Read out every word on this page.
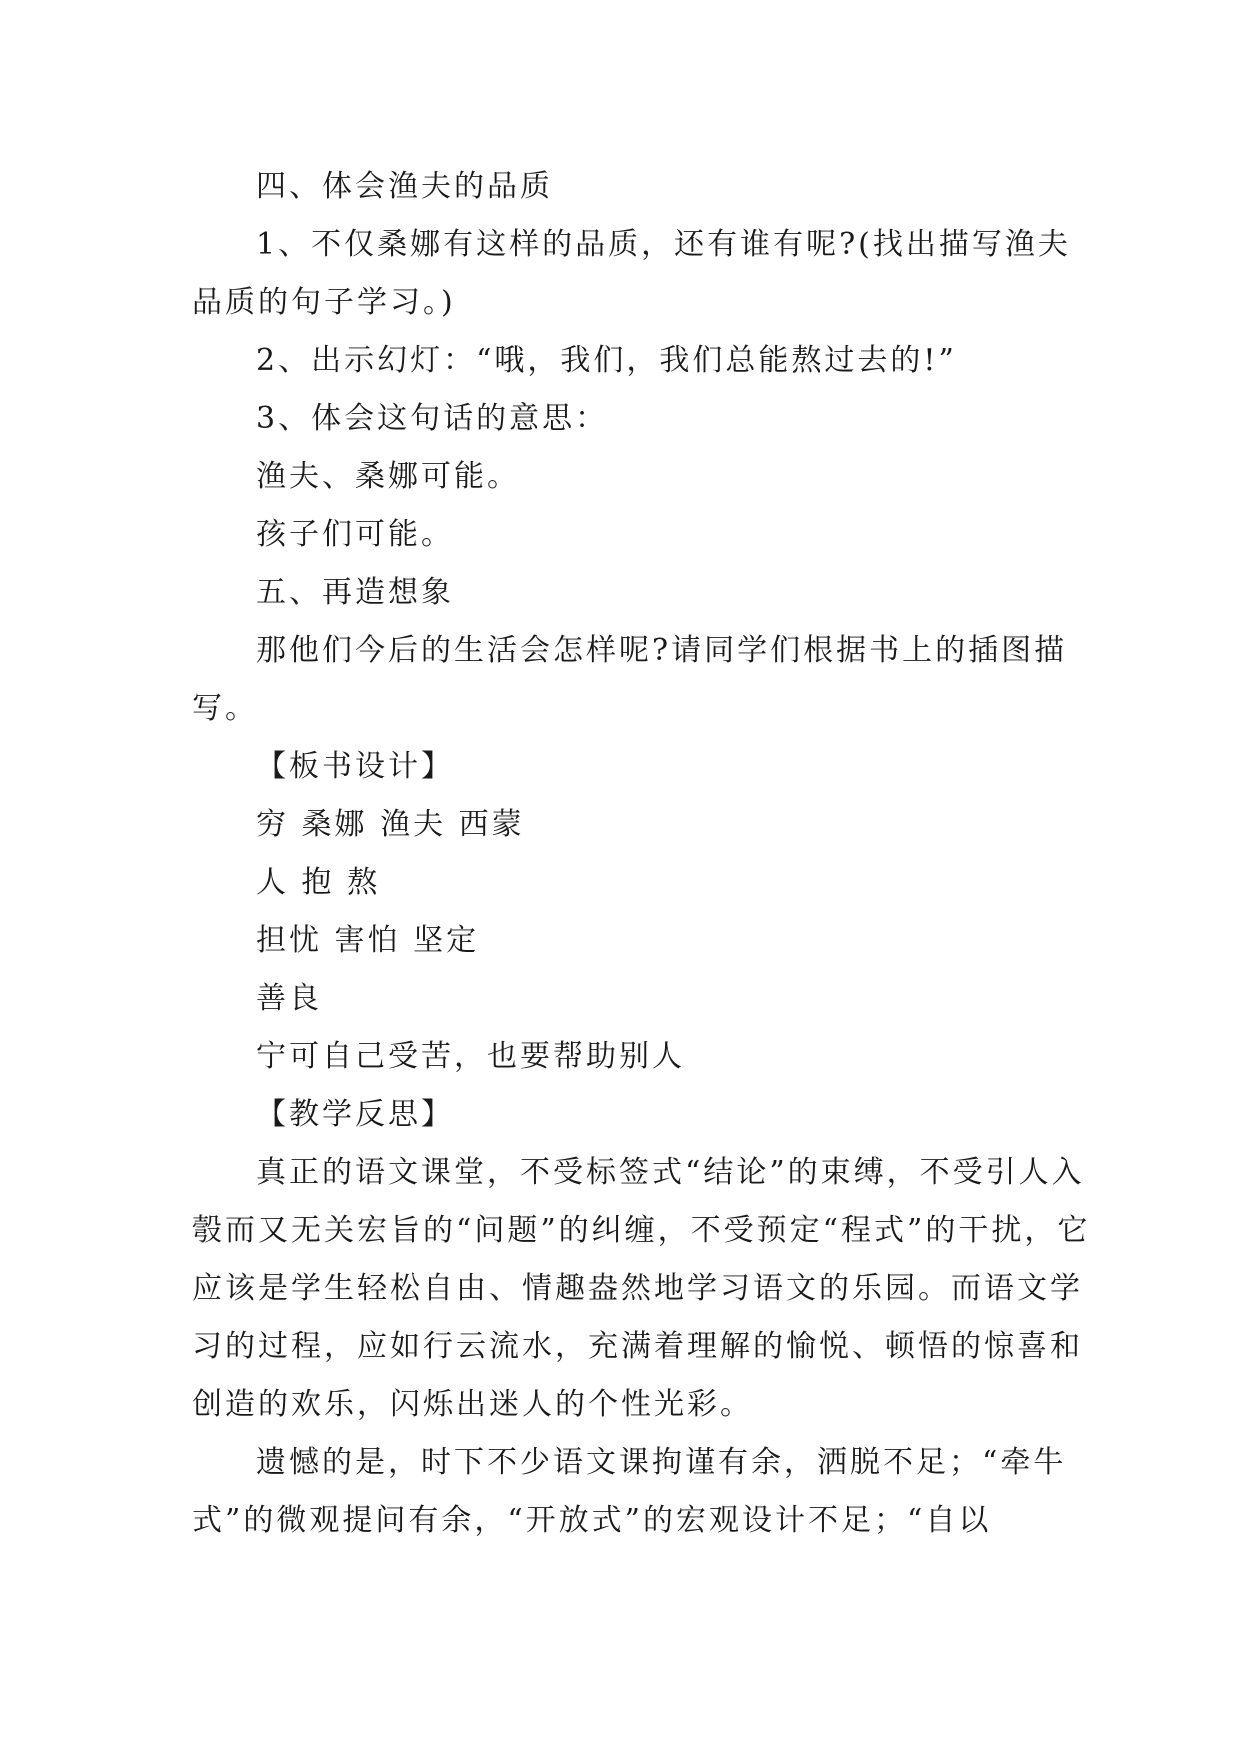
四、体会渔夫的品质

1、不仅桑娜有这样的品质，还有谁有呢?(找出描写渔夫品质的句子学习。)

2、出示幻灯：“哦，我们，我们总能熬过去的!”

3、体会这句话的意思：

渔夫、桑娜可能。

孩子们可能。

五、再造想象

那他们今后的生活会怎样呢?请同学们根据书上的插图描写。

【板书设计】

穷 桑娜 渔夫 西蒙

人 抱 熬

担忧 害怕 坚定

善良

宁可自己受苦，也要帮助别人

【教学反思】

真正的语文课堂，不受标签式“结论”的束缚，不受引人入彀而又无关宏旨的“问题”的纠缠，不受预定“程式”的干扰，它应该是学生轻松自由、情趣盎然地学习语文的乐园。而语文学习的过程，应如行云流水，充满着理解的愉悦、顿悟的惊喜和创造的欢乐，闪烁出迷人的个性光彩。

遗憾的是，时下不少语文课拘谨有余，洒脱不足；“牵牛式”的微观提问有余，“开放式”的宏观设计不足；“自以
